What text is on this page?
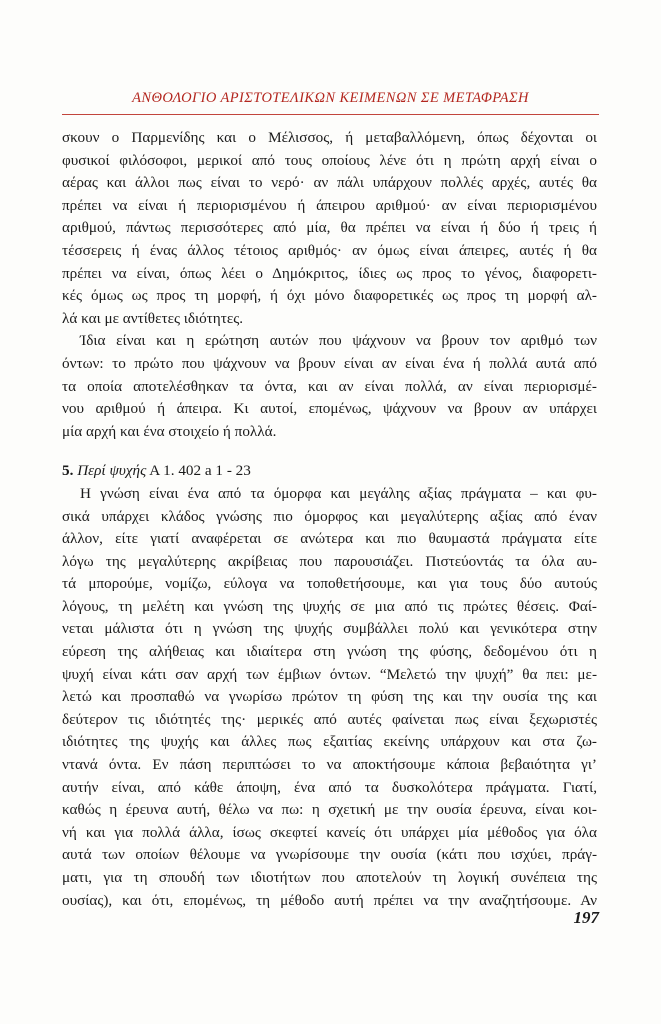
ΑΝΘΟΛΟΓΙΟ ΑΡΙΣΤΟΤΕΛΙΚΩΝ ΚΕΙΜΕΝΩΝ ΣΕ ΜΕΤΑΦΡΑΣΗ
σκουν ο Παρμενίδης και ο Μέλισσος, ή μεταβαλλόμενη, όπως δέχονται οι
φυσικοί φιλόσοφοι, μερικοί από τους οποίους λένε ότι η πρώτη αρχή είναι ο
αέρας και άλλοι πως είναι το νερό· αν πάλι υπάρχουν πολλές αρχές, αυτές θα
πρέπει να είναι ή περιορισμένου ή άπειρου αριθμού· αν είναι περιορισμένου
αριθμού, πάντως περισσότερες από μία, θα πρέπει να είναι ή δύο ή τρεις ή
τέσσερεις ή ένας άλλος τέτοιος αριθμός· αν όμως είναι άπειρες, αυτές ή θα
πρέπει να είναι, όπως λέει ο Δημόκριτος, ίδιες ως προς το γένος, διαφορετι-
κές όμως ως προς τη μορφή, ή όχι μόνο διαφορετικές ως προς τη μορφή αλ-
λά και με αντίθετες ιδιότητες.
Ίδια είναι και η ερώτηση αυτών που ψάχνουν να βρουν τον αριθμό των
όντων: το πρώτο που ψάχνουν να βρουν είναι αν είναι ένα ή πολλά αυτά από
τα οποία αποτελέσθηκαν τα όντα, και αν είναι πολλά, αν είναι περιορισμέ-
νου αριθμού ή άπειρα. Κι αυτοί, επομένως, ψάχνουν να βρουν αν υπάρχει
μία αρχή και ένα στοιχείο ή πολλά.
5. Περί ψυχής Α 1. 402 a 1 - 23
Η γνώση είναι ένα από τα όμορφα και μεγάλης αξίας πράγματα – και φυ-
σικά υπάρχει κλάδος γνώσης πιο όμορφος και μεγαλύτερης αξίας από έναν
άλλον, είτε γιατί αναφέρεται σε ανώτερα και πιο θαυμαστά πράγματα είτε
λόγω της μεγαλύτερης ακρίβειας που παρουσιάζει. Πιστεύοντάς τα όλα αυ-
τά μπορούμε, νομίζω, εύλογα να τοποθετήσουμε, και για τους δύο αυτούς
λόγους, τη μελέτη και γνώση της ψυχής σε μια από τις πρώτες θέσεις. Φαί-
νεται μάλιστα ότι η γνώση της ψυχής συμβάλλει πολύ και γενικότερα στην
εύρεση της αλήθειας και ιδιαίτερα στη γνώση της φύσης, δεδομένου ότι η
ψυχή είναι κάτι σαν αρχή των έμβιων όντων. “Μελετώ την ψυχή” θα πει: με-
λετώ και προσπαθώ να γνωρίσω πρώτον τη φύση της και την ουσία της και
δεύτερον τις ιδιότητές της· μερικές από αυτές φαίνεται πως είναι ξεχωριστές
ιδιότητες της ψυχής και άλλες πως εξαιτίας εκείνης υπάρχουν και στα ζω-
ντανά όντα. Εν πάση περιπτώσει το να αποκτήσουμε κάποια βεβαιότητα γι’
αυτήν είναι, από κάθε άποψη, ένα από τα δυσκολότερα πράγματα. Γιατί,
καθώς η έρευνα αυτή, θέλω να πω: η σχετική με την ουσία έρευνα, είναι κοι-
νή και για πολλά άλλα, ίσως σκεφτεί κανείς ότι υπάρχει μία μέθοδος για όλα
αυτά των οποίων θέλουμε να γνωρίσουμε την ουσία (κάτι που ισχύει, πράγ-
ματι, για τη σπουδή των ιδιοτήτων που αποτελούν τη λογική συνέπεια της
ουσίας), και ότι, επομένως, τη μέθοδο αυτή πρέπει να την αναζητήσουμε. Αν
197
